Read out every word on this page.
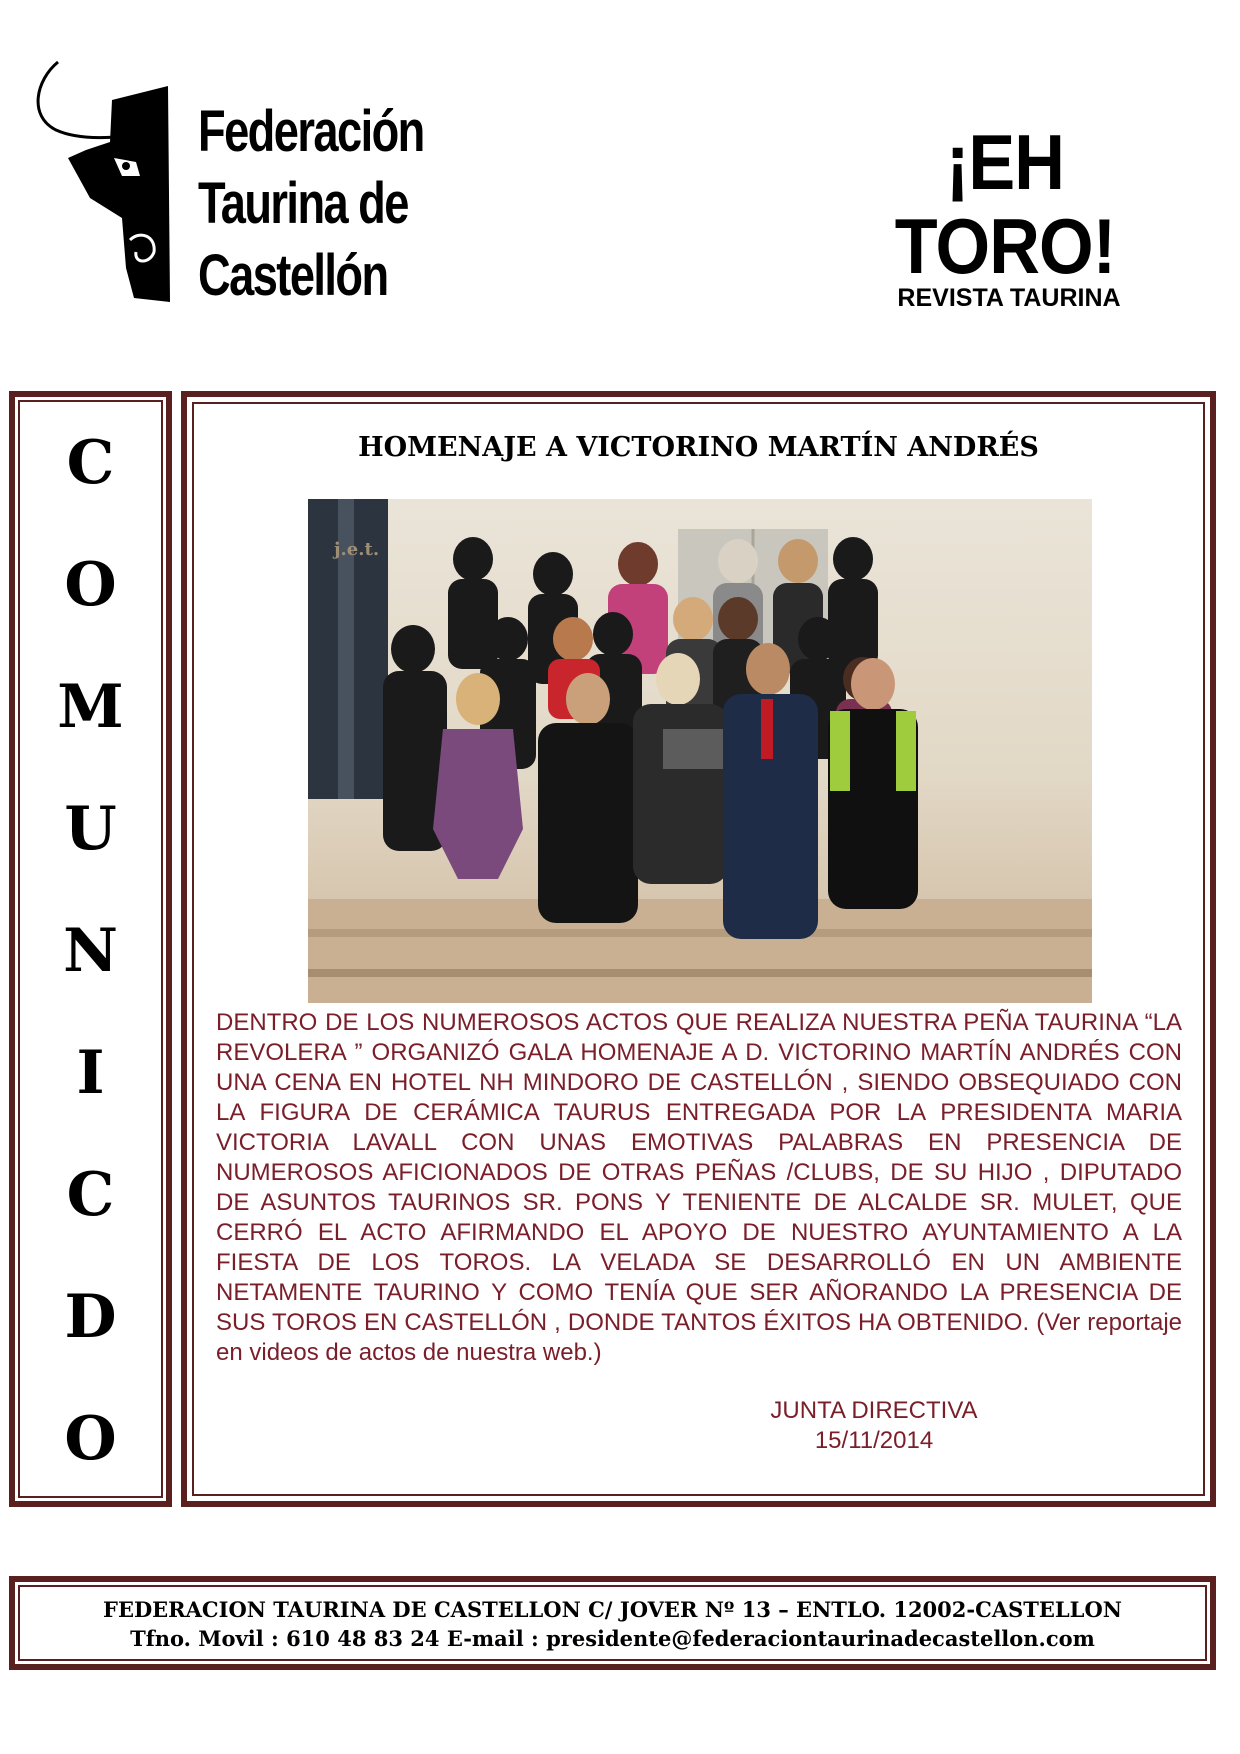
Federación
Taurina de
Castellón
¡EH TORO!
REVISTA TAURINA
C
O
M
U
N
I
C
D
O
HOMENAJE A VICTORINO MARTÍN ANDRÉS
j.e.t.
DENTRO DE LOS NUMEROSOS ACTOS QUE REALIZA NUESTRA PEÑA TAURINA “LA REVOLERA ” ORGANIZÓ GALA HOMENAJE A D. VICTORINO MARTÍN ANDRÉS CON UNA CENA EN HOTEL NH MINDORO DE CASTELLÓN , SIENDO OBSEQUIADO CON LA FIGURA DE CERÁMICA TAURUS ENTREGADA POR LA PRESIDENTA MARIA VICTORIA LAVALL CON UNAS EMOTIVAS PALABRAS EN PRESENCIA DE NUMEROSOS AFICIONADOS DE OTRAS PEÑAS /CLUBS, DE SU HIJO , DIPUTADO DE ASUNTOS TAURINOS SR. PONS Y TENIENTE DE ALCALDE SR. MULET, QUE CERRÓ EL ACTO AFIRMANDO EL APOYO DE NUESTRO AYUNTAMIENTO A LA FIESTA DE LOS TOROS. LA VELADA SE DESARROLLÓ EN UN AMBIENTE NETAMENTE TAURINO Y COMO TENÍA QUE SER AÑORANDO LA PRESENCIA DE SUS TOROS EN CASTELLÓN , DONDE TANTOS ÉXITOS HA OBTENIDO. (Ver reportaje en videos de actos de nuestra web.)
JUNTA DIRECTIVA
15/11/2014
FEDERACION TAURINA DE CASTELLON C/ JOVER Nº 13 – ENTLO. 12002-CASTELLON
Tfno. Movil : 610 48 83 24 E-mail : presidente@federaciontaurinadecastellon.com
